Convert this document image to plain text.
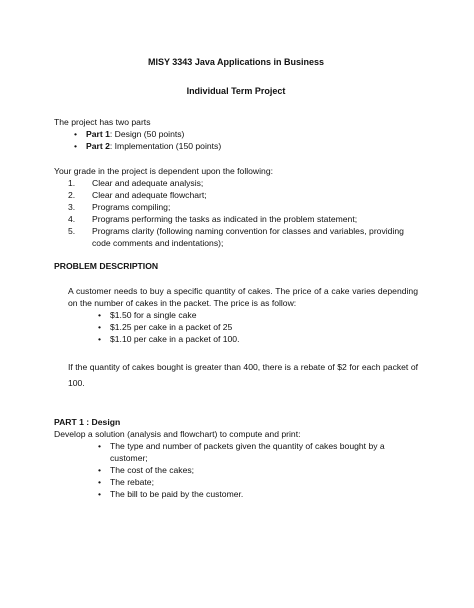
MISY 3343 Java Applications in Business

Individual Term Project

The project has two parts

• Part 1: Design (50 points)
• Part 2: Implementation (150 points)

Your grade in the project is dependent upon the following:

1. Clear and adequate analysis;
2. Clear and adequate flowchart;
3. Programs compiling;
4. Programs performing the tasks as indicated in the problem statement;
5. Programs clarity (following naming convention for classes and variables, providing code comments and indentations);

PROBLEM DESCRIPTION

A customer needs to buy a specific quantity of cakes. The price of a cake varies depending on the number of cakes in the packet. The price is as follow:

• $1.50 for a single cake
• $1.25 per cake in a packet of 25
• $1.10 per cake in a packet of 100.

If the quantity of cakes bought is greater than 400, there is a rebate of $2 for each packet of 100.

PART 1 : Design

Develop a solution (analysis and flowchart) to compute and print:

• The type and number of packets given the quantity of cakes bought by a customer;
• The cost of the cakes;
• The rebate;
• The bill to be paid by the customer.
